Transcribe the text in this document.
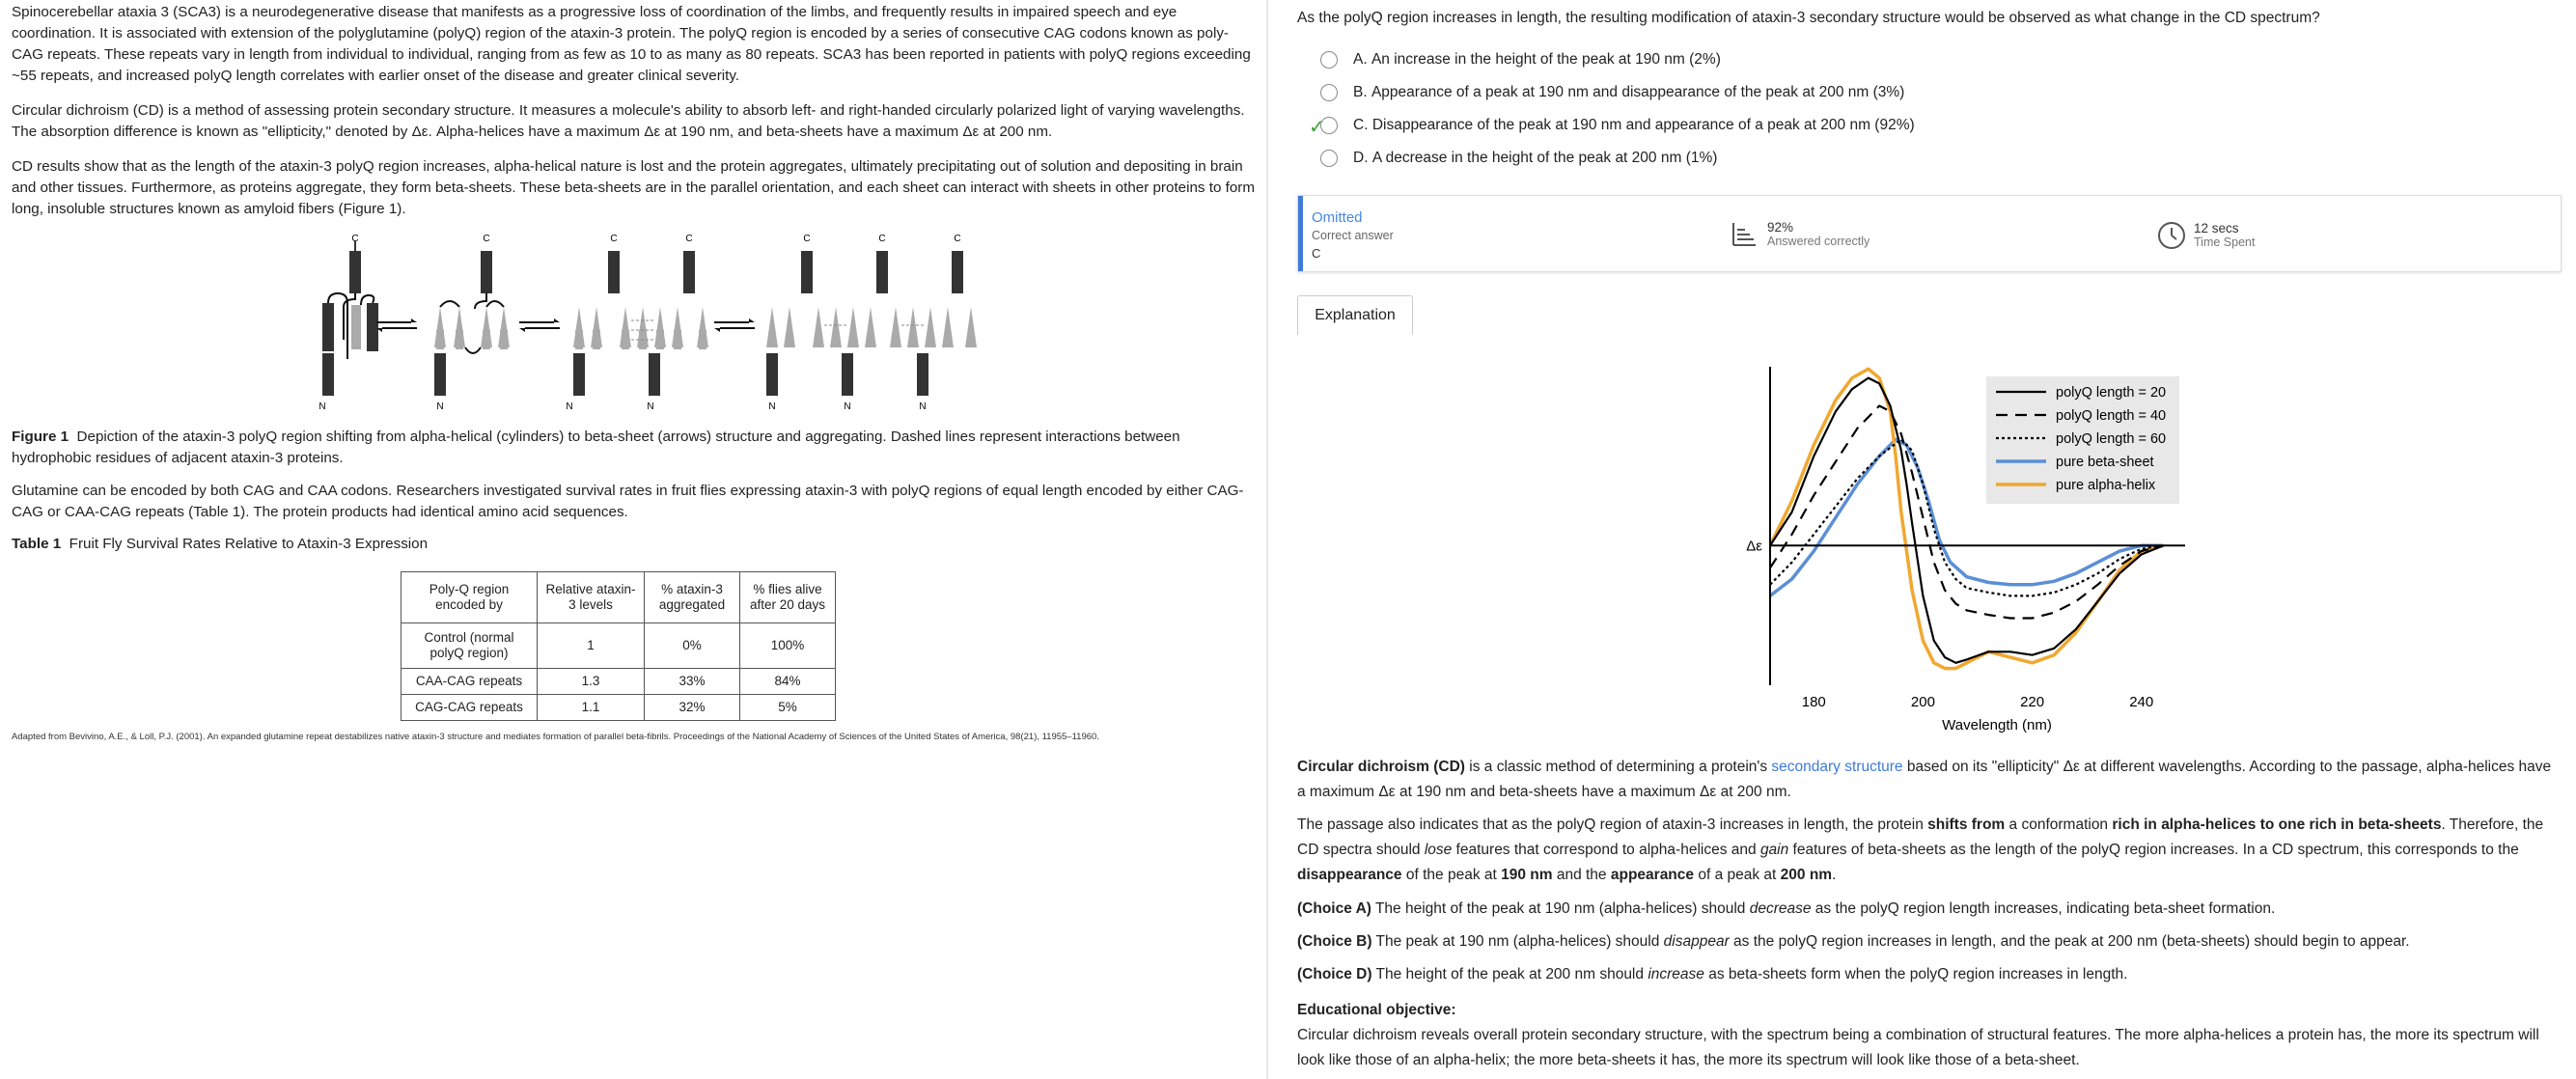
Spinocerebellar ataxia 3 (SCA3) is a neurodegenerative disease that manifests as a progressive loss of coordination of the limbs, and frequently results in impaired speech and eye coordination. It is associated with extension of the polyglutamine (polyQ) region of the ataxin-3 protein. The polyQ region is encoded by a series of consecutive CAG codons known as poly-CAG repeats. These repeats vary in length from individual to individual, ranging from as few as 10 to as many as 80 repeats. SCA3 has been reported in patients with polyQ regions exceeding ~55 repeats, and increased polyQ length correlates with earlier onset of the disease and greater clinical severity.

Circular dichroism (CD) is a method of assessing protein secondary structure. It measures a molecule's ability to absorb left- and right-handed circularly polarized light of varying wavelengths. The absorption difference is known as "ellipticity," denoted by Δε. Alpha-helices have a maximum Δε at 190 nm, and beta-sheets have a maximum Δε at 200 nm.

CD results show that as the length of the ataxin-3 polyQ region increases, alpha-helical nature is lost and the protein aggregates, ultimately precipitating out of solution and depositing in brain and other tissues. Furthermore, as proteins aggregate, they form beta-sheets. These beta-sheets are in the parallel orientation, and each sheet can interact with sheets in other proteins to form long, insoluble structures known as amyloid fibers (Figure 1).

C	C	C	C	C	C	C
N	N	N	N	N	N	N
Figure 1 Depiction of the ataxin-3 polyQ region shifting from alpha-helical (cylinders) to beta-sheet (arrows) structure and aggregating. Dashed lines represent interactions between hydrophobic residues of adjacent ataxin-3 proteins.

Glutamine can be encoded by both CAG and CAA codons. Researchers investigated survival rates in fruit flies expressing ataxin-3 with polyQ regions of equal length encoded by either CAG-CAG or CAA-CAG repeats (Table 1). The protein products had identical amino acid sequences.

Table 1 Fruit Fly Survival Rates Relative to Ataxin-3 Expression
Poly-Q region encoded by	Relative ataxin-3 levels	% ataxin-3 aggregated	% flies alive after 20 days
Control (normal polyQ region)	1	0%	100%
CAA-CAG repeats	1.3	33%	84%
CAG-CAG repeats	1.1	32%	5%
Adapted from Bevivino, A.E., & Loll, P.J. (2001). An expanded glutamine repeat destabilizes native ataxin-3 structure and mediates formation of parallel beta-fibrils. Proceedings of the National Academy of Sciences of the United States of America, 98(21), 11955–11960.
As the polyQ region increases in length, the resulting modification of ataxin-3 secondary structure would be observed as what change in the CD spectrum?
A.
An increase in the height of the peak at 190 nm
(2%)
B.
Appearance of a peak at 190 nm and disappearance of the peak at 200 nm
(3%)
✓ C.
Disappearance of the peak at 190 nm and appearance of a peak at 200 nm
(92%)
D.
A decrease in the height of the peak at 200 nm
(1%)
Omitted
Correct answer
C
92%
Answered correctly
12 secs
Time Spent
Explanation
Δε
180	200	220	240
Wavelength (nm)
polyQ length = 20
polyQ length = 40
polyQ length = 60
pure beta-sheet
pure alpha-helix

Circular dichroism (CD) is a classic method of determining a protein's secondary structure based on its "ellipticity" Δε at different wavelengths. According to the passage, alpha-helices have a maximum Δε at 190 nm and beta-sheets have a maximum Δε at 200 nm.

The passage also indicates that as the polyQ region of ataxin-3 increases in length, the protein shifts from a conformation rich in alpha-helices to one rich in beta-sheets. Therefore, the CD spectra should lose features that correspond to alpha-helices and gain features of beta-sheets as the length of the polyQ region increases. In a CD spectrum, this corresponds to the disappearance of the peak at 190 nm and the appearance of a peak at 200 nm.

(Choice A) The height of the peak at 190 nm (alpha-helices) should decrease as the polyQ region length increases, indicating beta-sheet formation.

(Choice B) The peak at 190 nm (alpha-helices) should disappear as the polyQ region increases in length, and the peak at 200 nm (beta-sheets) should begin to appear.

(Choice D) The height of the peak at 200 nm should increase as beta-sheets form when the polyQ region increases in length.

Educational objective:

Circular dichroism reveals overall protein secondary structure, with the spectrum being a combination of structural features. The more alpha-helices a protein has, the more its spectrum will look like those of an alpha-helix; the more beta-sheets it has, the more its spectrum will look like those of a beta-sheet.
